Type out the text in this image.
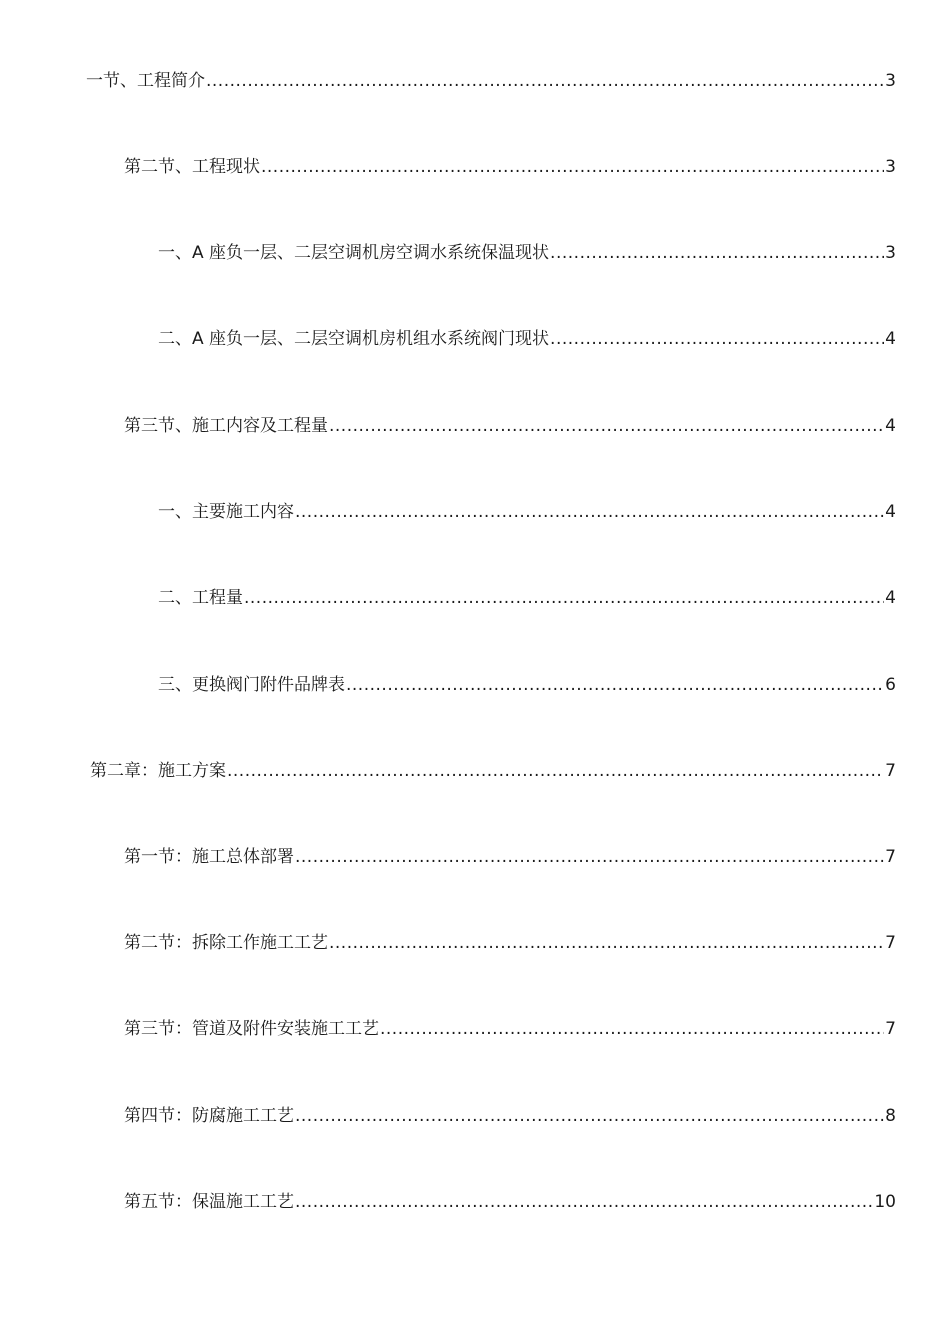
一节、工程简介 .....	3
第二节、工程现状 .....	3
一、A 座负一层、二层空调机房空调水系统保温现状 .....	3
二、A 座负一层、二层空调机房机组水系统阀门现状 .....	4
第三节、施工内容及工程量 .....	4
一、主要施工内容 .....	4
二、工程量 .....	4
三、更换阀门附件品牌表 .....	6
第二章：施工方案 .....	7
第一节：施工总体部署 .....	7
第二节：拆除工作施工工艺 .....	7
第三节：管道及附件安装施工工艺 .....	7
第四节：防腐施工工艺 .....	8
第五节：保温施工工艺 .....	10
